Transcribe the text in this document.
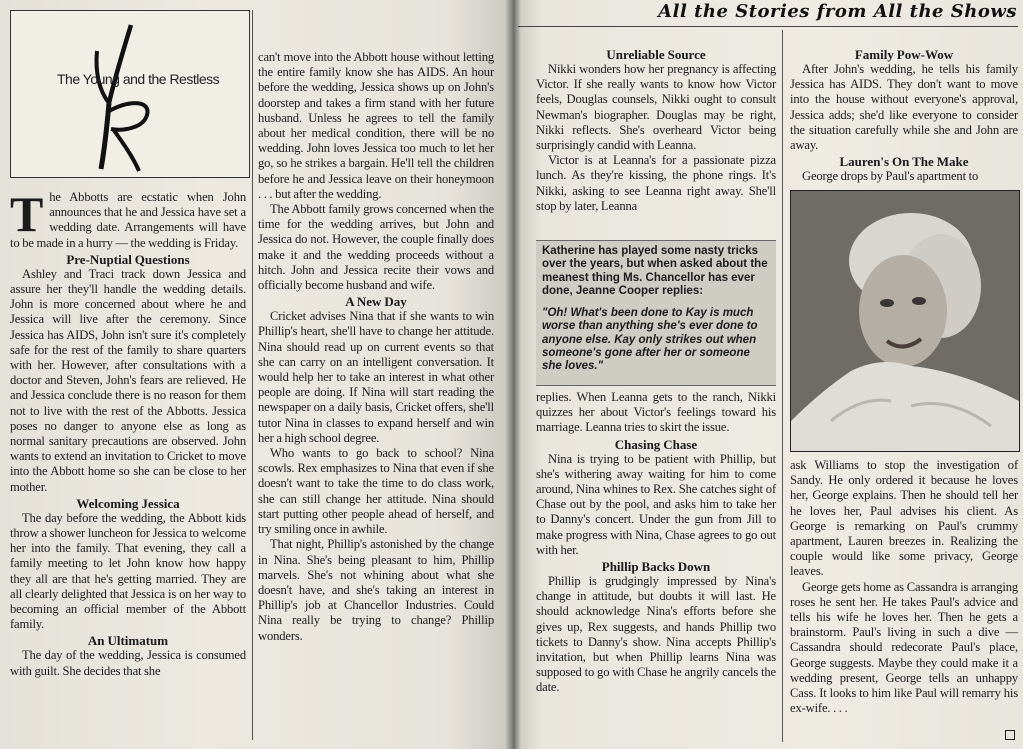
The Young and the Restless

The Abbotts are ecstatic when John announces that he and Jessica have set a wedding date. Arrangements will have to be made in a hurry — the wedding is Friday.

Pre-Nuptial Questions

Ashley and Traci track down Jessica and assure her they'll handle the wedding details. John is more concerned about where he and Jessica will live after the ceremony. Since Jessica has AIDS, John isn't sure it's completely safe for the rest of the family to share quarters with her. However, after consultations with a doctor and Steven, John's fears are relieved. He and Jessica conclude there is no reason for them not to live with the rest of the Abbotts. Jessica poses no danger to anyone else as long as normal sanitary precautions are observed. John wants to extend an invitation to Cricket to move into the Abbott home so she can be close to her mother.

Welcoming Jessica

The day before the wedding, the Abbott kids throw a shower luncheon for Jessica to welcome her into the family. That evening, they call a family meeting to let John know how happy they all are that he's getting married. They are all clearly delighted that Jessica is on her way to becoming an official member of the Abbott family.

An Ultimatum

The day of the wedding, Jessica is consumed with guilt. She decides that she

can't move into the Abbott house without letting the entire family know she has AIDS. An hour before the wedding, Jessica shows up on John's doorstep and takes a firm stand with her future husband. Unless he agrees to tell the family about her medical condition, there will be no wedding. John loves Jessica too much to let her go, so he strikes a bargain. He'll tell the children before he and Jessica leave on their honeymoon . . . but after the wedding.

The Abbott family grows concerned when the time for the wedding arrives, but John and Jessica do not. However, the couple finally does make it and the wedding proceeds without a hitch. John and Jessica recite their vows and officially become husband and wife.

A New Day

Cricket advises Nina that if she wants to win Phillip's heart, she'll have to change her attitude. Nina should read up on current events so that she can carry on an intelligent conversation. It would help her to take an interest in what other people are doing. If Nina will start reading the newspaper on a daily basis, Cricket offers, she'll tutor Nina in classes to expand herself and win her a high school degree.

Who wants to go back to school? Nina scowls. Rex emphasizes to Nina that even if she doesn't want to take the time to do class work, she can still change her attitude. Nina should start putting other people ahead of herself, and try smiling once in awhile.

That night, Phillip's astonished by the change in Nina. She's being pleasant to him, Phillip marvels. She's not whining about what she doesn't have, and she's taking an interest in Phillip's job at Chancellor Industries. Could Nina really be trying to change? Phillip wonders.

All the Stories from All the Shows
Unreliable Source

Nikki wonders how her pregnancy is affecting Victor. If she really wants to know how Victor feels, Douglas counsels, Nikki ought to consult Newman's biographer. Douglas may be right, Nikki reflects. She's overheard Victor being surprisingly candid with Leanna.

Victor is at Leanna's for a passionate pizza lunch. As they're kissing, the phone rings. It's Nikki, asking to see Leanna right away. She'll stop by later, Leanna

Katherine has played some nasty tricks over the years, but when asked about the meanest thing Ms. Chancellor has ever done, Jeanne Cooper replies:
"Oh! What's been done to Kay is much worse than anything she's ever done to anyone else. Kay only strikes out when someone's gone after her or someone she loves."

replies. When Leanna gets to the ranch, Nikki quizzes her about Victor's feelings toward his marriage. Leanna tries to skirt the issue.

Chasing Chase

Nina is trying to be patient with Phillip, but she's withering away waiting for him to come around, Nina whines to Rex. She catches sight of Chase out by the pool, and asks him to take her to Danny's concert. Under the gun from Jill to make progress with Nina, Chase agrees to go out with her.

Phillip Backs Down

Phillip is grudgingly impressed by Nina's change in attitude, but doubts it will last. He should acknowledge Nina's efforts before she gives up, Rex suggests, and hands Phillip two tickets to Danny's show. Nina accepts Phillip's invitation, but when Phillip learns Nina was supposed to go with Chase he angrily cancels the date.

Family Pow-Wow

After John's wedding, he tells his family Jessica has AIDS. They don't want to move into the house without everyone's approval, Jessica adds; she'd like everyone to consider the situation carefully while she and John are away.

Lauren's On The Make

George drops by Paul's apartment to

ask Williams to stop the investigation of Sandy. He only ordered it because he loves her, George explains. Then he should tell her he loves her, Paul advises his client. As George is remarking on Paul's crummy apartment, Lauren breezes in. Realizing the couple would like some privacy, George leaves.

George gets home as Cassandra is arranging roses he sent her. He takes Paul's advice and tells his wife he loves her. Then he gets a brainstorm. Paul's living in such a dive — Cassandra should redecorate Paul's place, George suggests. Maybe they could make it a wedding present, George tells an unhappy Cass. It looks to him like Paul will remarry his ex-wife. . . .
